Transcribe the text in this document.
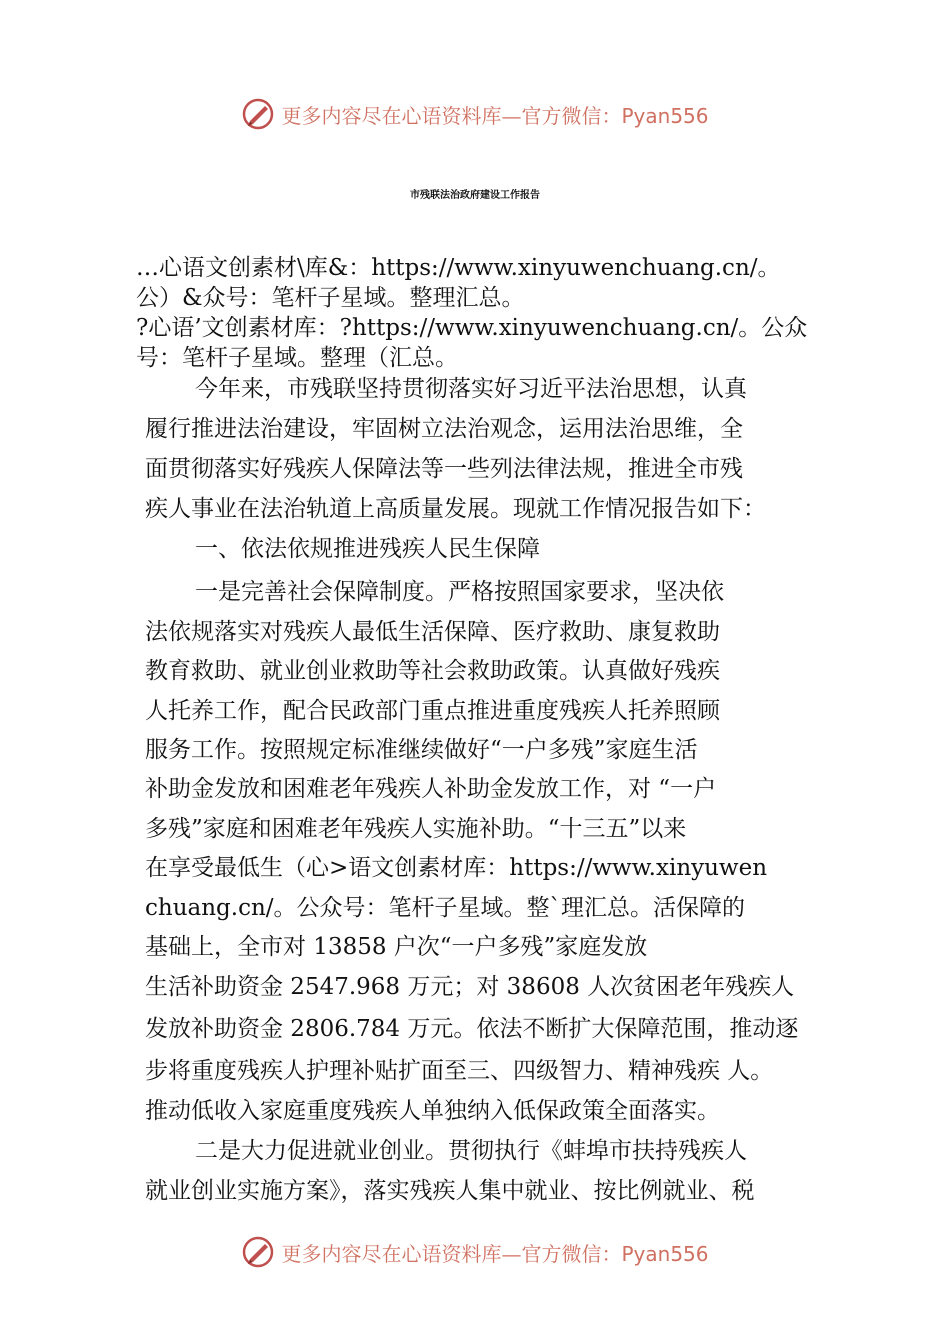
更多内容尽在心语资料库—官方微信：Pyan556
市残联法治政府建设工作报告
…心语文创素材\库&：https://www.xinyuwenchuang.cn/。
公）&众号：笔杆子星域。整理汇总。
?心语’文创素材库：?https://www.xinyuwenchuang.cn/。公众
号：笔杆子星域。整理（汇总。
今年来，市残联坚持贯彻落实好习近平法治思想，认真
履行推进法治建设，牢固树立法治观念，运用法治思维，全
面贯彻落实好残疾人保障法等一些列法律法规，推进全市残
疾人事业在法治轨道上高质量发展。现就工作情况报告如下：
一、依法依规推进残疾人民生保障
一是完善社会保障制度。严格按照国家要求，坚决依
法依规落实对残疾人最低生活保障、医疗救助、康复救助
教育救助、就业创业救助等社会救助政策。认真做好残疾
人托养工作，配合民政部门重点推进重度残疾人托养照顾
服务工作。按照规定标准继续做好“一户多残”家庭生活
补助金发放和困难老年残疾人补助金发放工作，对 “一户
多残”家庭和困难老年残疾人实施补助。“十三五”以来
在享受最低生（心>语文创素材库：https://www.xinyuwen
chuang.cn/。公众号：笔杆子星域。整`理汇总。活保障的
基础上，全市对 13858 户次“一户多残”家庭发放
生活补助资金 2547.968 万元；对 38608 人次贫困老年残疾人
发放补助资金 2806.784 万元。依法不断扩大保障范围，推动逐
步将重度残疾人护理补贴扩面至三、四级智力、精神残疾 人。
推动低收入家庭重度残疾人单独纳入低保政策全面落实。
二是大力促进就业创业。贯彻执行《蚌埠市扶持残疾人
就业创业实施方案》，落实残疾人集中就业、按比例就业、税
更多内容尽在心语资料库—官方微信：Pyan556
